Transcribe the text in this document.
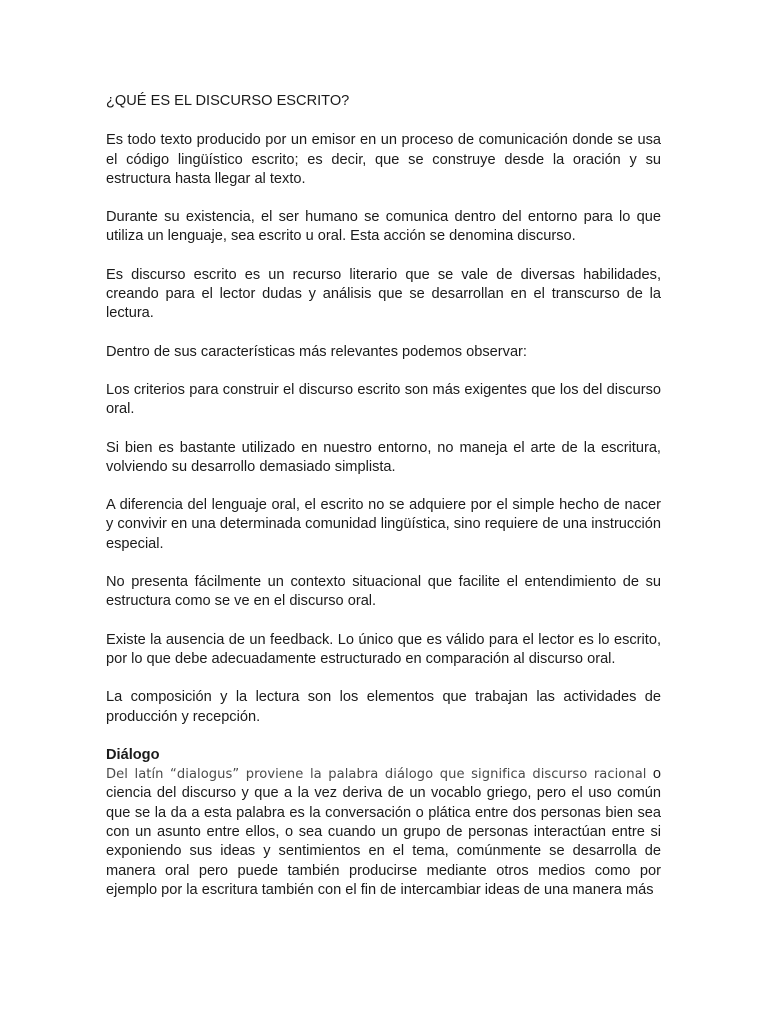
¿QUÉ ES EL DISCURSO ESCRITO?

Es todo texto producido por un emisor en un proceso de comunicación donde se usa el código lingüístico escrito; es decir, que se construye desde la oración y su estructura hasta llegar al texto.

Durante su existencia, el ser humano se comunica dentro del entorno para lo que utiliza un lenguaje, sea escrito u oral. Esta acción se denomina discurso.

Es discurso escrito es un recurso literario que se vale de diversas habilidades, creando para el lector dudas y análisis que se desarrollan en el transcurso de la lectura.

Dentro de sus características más relevantes podemos observar:

Los criterios para construir el discurso escrito son más exigentes que los del discurso oral.

Si bien es bastante utilizado en nuestro entorno, no maneja el arte de la escritura, volviendo su desarrollo demasiado simplista.

A diferencia del lenguaje oral, el escrito no se adquiere por el simple hecho de nacer y convivir en una determinada comunidad lingüística, sino requiere de una instrucción especial.

No presenta fácilmente un contexto situacional que facilite el entendimiento de su estructura como se ve en el discurso oral.

Existe la ausencia de un feedback. Lo único que es válido para el lector es lo escrito, por lo que debe adecuadamente estructurado en comparación al discurso oral.

La composición y la lectura son los elementos que trabajan las actividades de producción y recepción.

Diálogo

Del latín “dialogus” proviene la palabra diálogo que significa discurso racional o ciencia del discurso y que a la vez deriva de un vocablo griego, pero el uso común que se la da a esta palabra es la conversación o plática entre dos personas bien sea con un asunto entre ellos, o sea cuando un grupo de personas interactúan entre si exponiendo sus ideas y sentimientos en el tema, comúnmente se desarrolla de manera oral pero puede también producirse mediante otros medios como por ejemplo por la escritura también con el fin de intercambiar ideas de una manera más
